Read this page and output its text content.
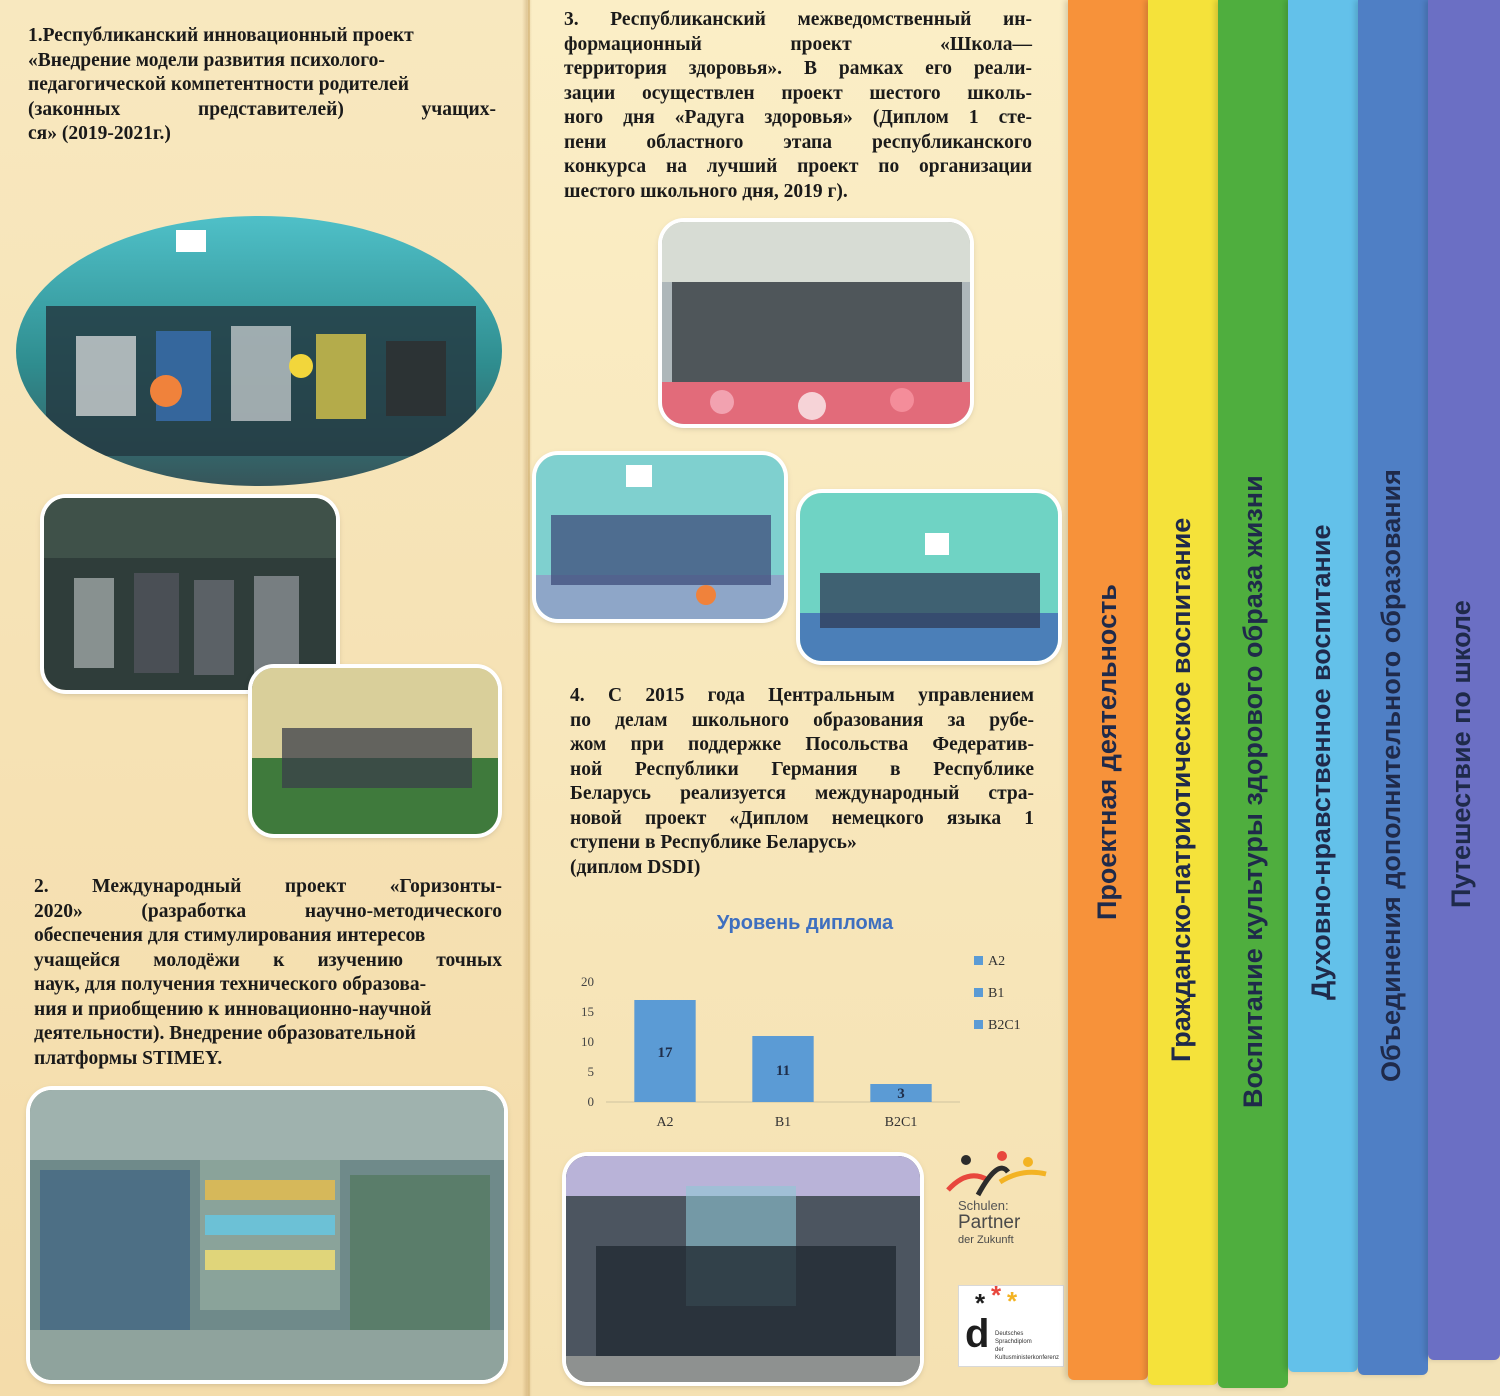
1.Республиканский инновационный проект
«Внедрение модели развития психолого-
педагогической компетентности родителей
(законных представителей) учащих-
ся» (2019-2021г.)
2. Международный проект «Горизонты-
2020» (разработка научно-методического
обеспечения для стимулирования интересов
учащейся молодёжи к изучению точных
наук, для получения технического образова-
ния и приобщению к инновационно-научной
деятельности). Внедрение образовательной
платформы STIMEY.
3. Республиканский межведомственный ин-
формационный проект «Школа—
территория здоровья». В рамках его реали-
зации осуществлен проект шестого школь-
ного дня «Радуга здоровья» (Диплом 1 сте-
пени областного этапа республиканского
конкурса на лучший проект по организации
шестого школьного дня, 2019 г).
4. С 2015 года Центральным управлением
по делам школьного образования за рубе-
жом при поддержке Посольства Федератив-
ной Республики Германия в Республике
Беларусь реализуется международный стра-
новой проект «Диплом немецкого языка 1
ступени в Республике Беларусь»
(диплом DSDI)
Уровень диплома
0
5
10
15
20
17
A2
11
B1
3
B2C1
A2
B1
B2C1
Schulen:
Partner
der Zukunft
* * *
d Deutsches
Sprachdiplom
der Kultusministerkonferenz
Проектная деятельность Гражданско-патриотическое воспитание Воспитание культуры здорового образа жизни Духовно-нравственное воспитание Объединения дополнительного образования Путешествие по школе
